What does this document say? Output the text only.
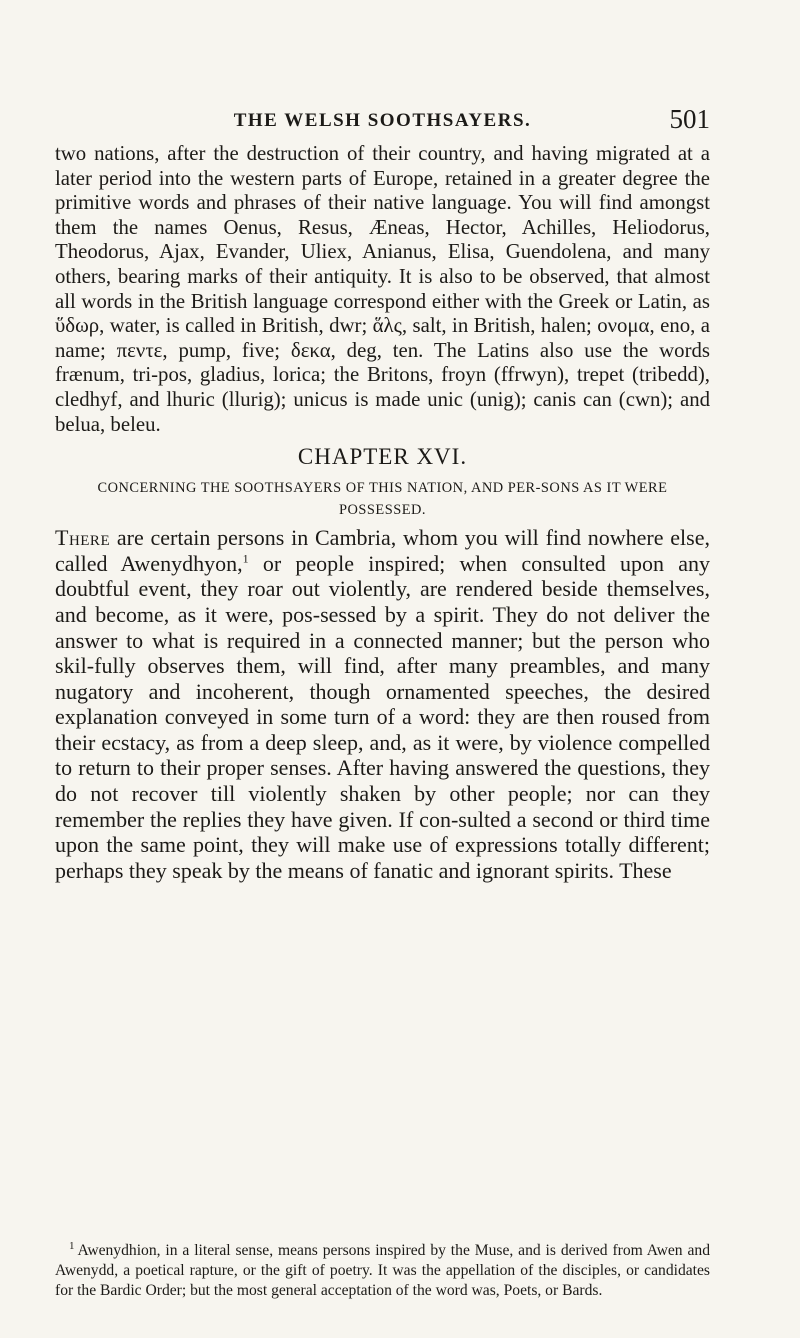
THE WELSH SOOTHSAYERS.	501

two nations, after the destruction of their country, and having migrated at a later period into the western parts of Europe, retained in a greater degree the primitive words and phrases of their native language. You will find amongst them the names Oenus, Resus, Æneas, Hector, Achilles, Heliodorus, Theodorus, Ajax, Evander, Uliex, Anianus, Elisa, Guendolena, and many others, bearing marks of their antiquity. It is also to be observed, that almost all words in the British language correspond either with the Greek or Latin, as ὕδωρ, water, is called in British, dwr; ἅλς, salt, in British, halen; ονομα, eno, a name; πεντε, pump, five; δεκα, deg, ten. The Latins also use the words frænum, tri-pos, gladius, lorica; the Britons, froyn (ffrwyn), trepet (tribedd), cledhyf, and lhuric (llurig); unicus is made unic (unig); canis can (cwn); and belua, beleu.

CHAPTER XVI.
CONCERNING THE SOOTHSAYERS OF THIS NATION, AND PER-SONS AS IT WERE POSSESSED.

There are certain persons in Cambria, whom you will find nowhere else, called Awenydhyon,$^1$ or people inspired; when consulted upon any doubtful event, they roar out violently, are rendered beside themselves, and become, as it were, pos-sessed by a spirit. They do not deliver the answer to what is required in a connected manner; but the person who skil-fully observes them, will find, after many preambles, and many nugatory and incoherent, though ornamented speeches, the desired explanation conveyed in some turn of a word: they are then roused from their ecstacy, as from a deep sleep, and, as it were, by violence compelled to return to their proper senses. After having answered the questions, they do not recover till violently shaken by other people; nor can they remember the replies they have given. If con-sulted a second or third time upon the same point, they will make use of expressions totally different; perhaps they speak by the means of fanatic and ignorant spirits. These

$^1$ Awenydhion, in a literal sense, means persons inspired by the Muse, and is derived from Awen and Awenydd, a poetical rapture, or the gift of poetry. It was the appellation of the disciples, or candidates for the Bardic Order; but the most general acceptation of the word was, Poets, or Bards.
